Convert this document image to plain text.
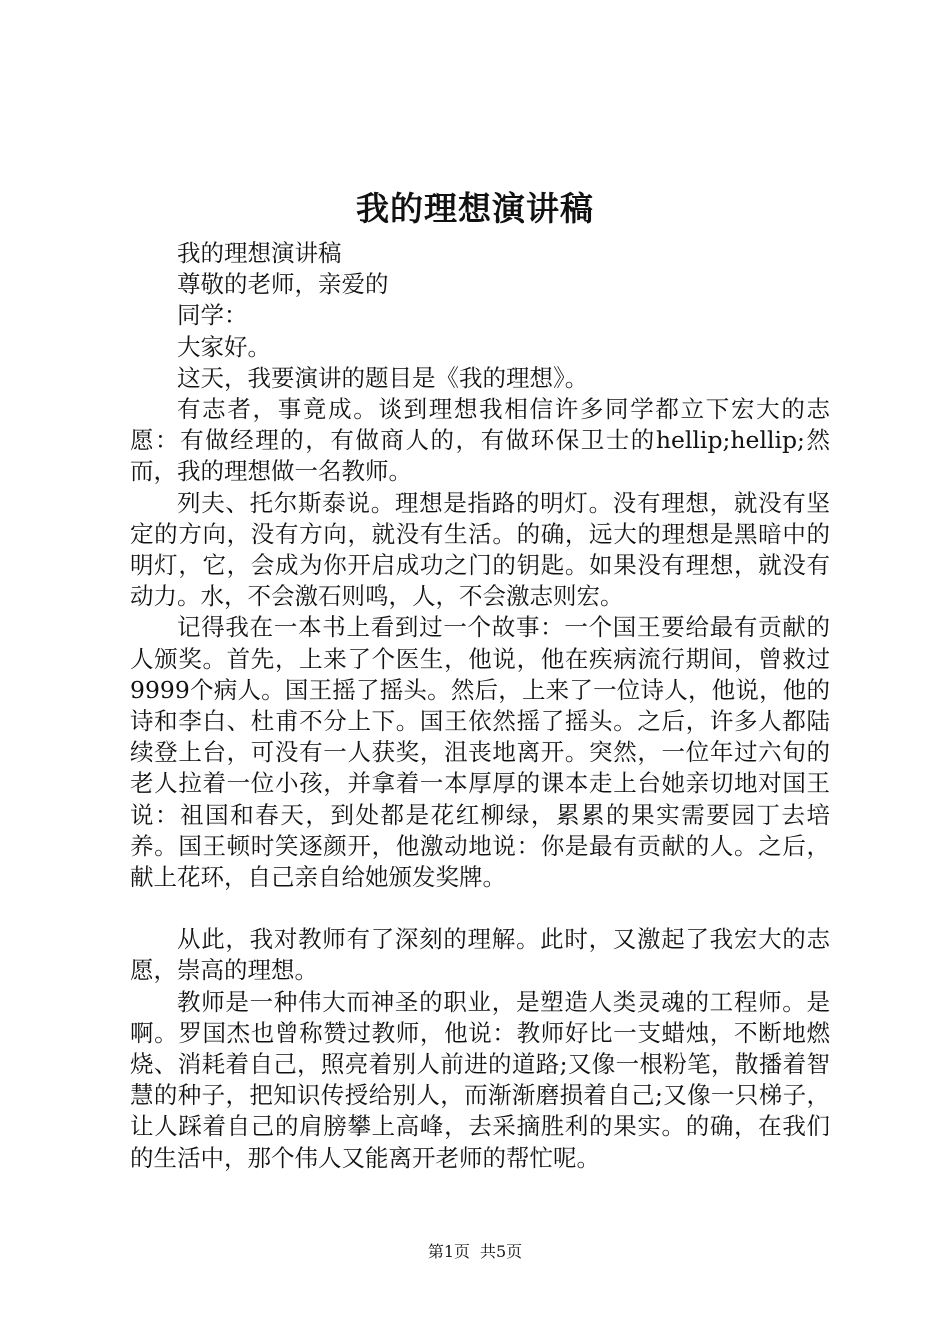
我的理想演讲稿

我的理想演讲稿

尊敬的老师，亲爱的

同学：

大家好。

这天，我要演讲的题目是《我的理想》。

有志者，事竟成。谈到理想我相信许多同学都立下宏大的志愿：有做经理的，有做商人的，有做环保卫士的hellip;hellip;然而，我的理想做一名教师。

列夫、托尔斯泰说。理想是指路的明灯。没有理想，就没有坚定的方向，没有方向，就没有生活。的确，远大的理想是黑暗中的明灯，它，会成为你开启成功之门的钥匙。如果没有理想，就没有动力。水，不会激石则鸣，人，不会激志则宏。

记得我在一本书上看到过一个故事：一个国王要给最有贡献的人颁奖。首先，上来了个医生，他说，他在疾病流行期间，曾救过9999个病人。国王摇了摇头。然后，上来了一位诗人，他说，他的诗和李白、杜甫不分上下。国王依然摇了摇头。之后，许多人都陆续登上台，可没有一人获奖，沮丧地离开。突然，一位年过六旬的老人拉着一位小孩，并拿着一本厚厚的课本走上台她亲切地对国王说：祖国和春天，到处都是花红柳绿，累累的果实需要园丁去培养。国王顿时笑逐颜开，他激动地说：你是最有贡献的人。之后，献上花环，自己亲自给她颁发奖牌。

从此，我对教师有了深刻的理解。此时，又激起了我宏大的志愿，崇高的理想。

教师是一种伟大而神圣的职业，是塑造人类灵魂的工程师。是啊。罗国杰也曾称赞过教师，他说：教师好比一支蜡烛，不断地燃烧、消耗着自己，照亮着别人前进的道路;又像一根粉笔，散播着智慧的种子，把知识传授给别人，而渐渐磨损着自己;又像一只梯子，让人踩着自己的肩膀攀上高峰，去采摘胜利的果实。的确，在我们的生活中，那个伟人又能离开老师的帮忙呢。

第1页 共5页
